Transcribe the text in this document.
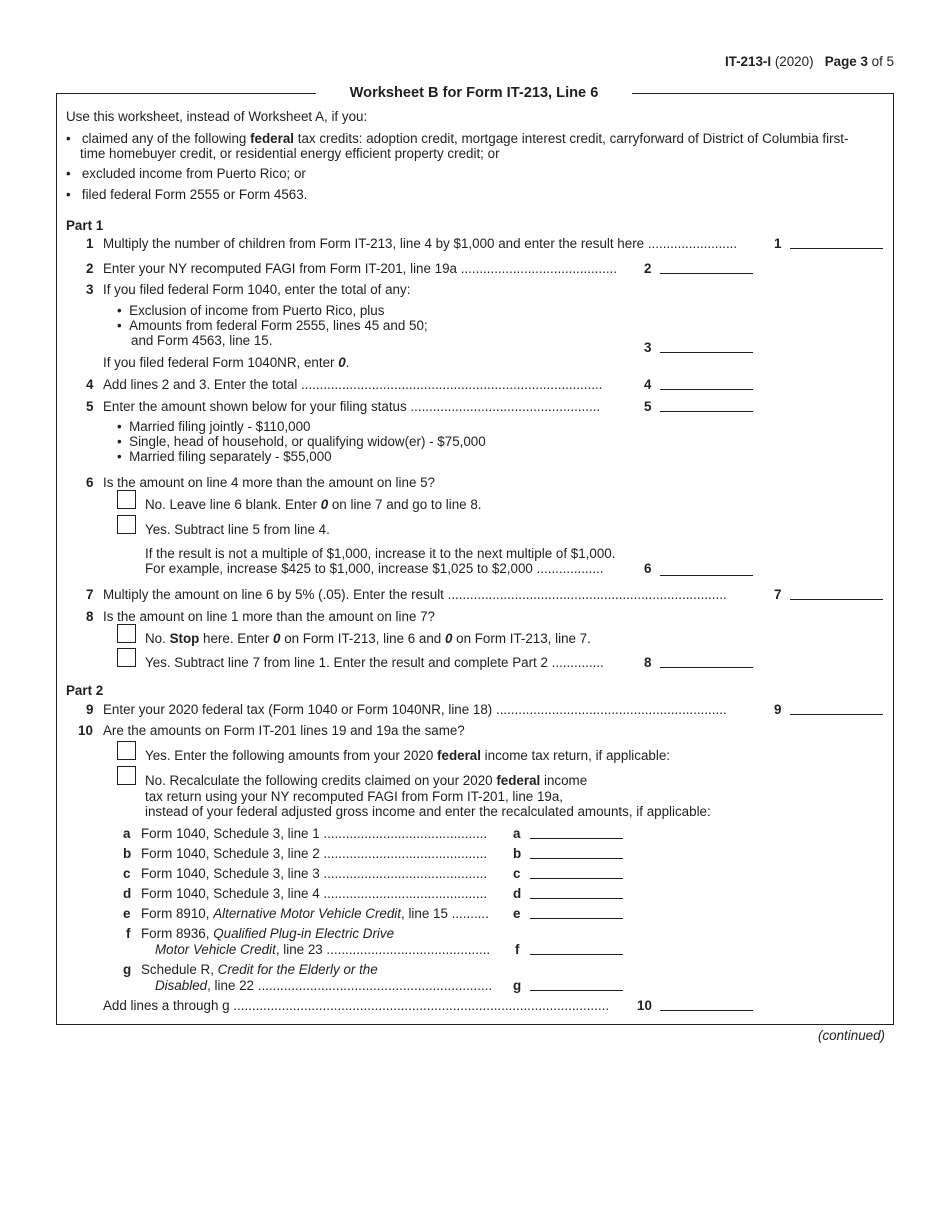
IT-213-I (2020) Page 3 of 5
Worksheet B for Form IT-213, Line 6
Use this worksheet, instead of Worksheet A, if you:
•   claimed any of the following federal tax credits: adoption credit, mortgage interest credit, carryforward of District of Columbia first-
time homebuyer credit, or residential energy efficient property credit; or
•   excluded income from Puerto Rico; or
•   filed federal Form 2555 or Form 4563.
Part 1
1 Multiply the number of children from Form IT-213, line 4 by $1,000 and enter the result here ........................	1
2 Enter your NY recomputed FAGI from Form IT-201, line 19a .......................................... 2
3 If you filed federal Form 1040, enter the total of any:
•  Exclusion of income from Puerto Rico, plus
•  Amounts from federal Form 2555, lines 45 and 50;
and Form 4563, line 15.	3
If you filed federal Form 1040NR, enter 0.
4 Add lines 2 and 3. Enter the total .................................................................................	4
5 Enter the amount shown below for your filing status ...................................................	5
•  Married filing jointly - $110,000
•  Single, head of household, or qualifying widow(er) - $75,000
•  Married filing separately - $55,000
6 Is the amount on line 4 more than the amount on line 5?
No. Leave line 6 blank. Enter 0 on line 7 and go to line 8.
Yes. Subtract line 5 from line 4.
If the result is not a multiple of $1,000, increase it to the next multiple of $1,000.
For example, increase $425 to $1,000, increase $1,025 to $2,000 ..................	6
7 Multiply the amount on line 6 by 5% (.05). Enter the result ...........................................................................	7
8 Is the amount on line 1 more than the amount on line 7?
No. Stop here. Enter 0 on Form IT-213, line 6 and 0 on Form IT-213, line 7.
Yes. Subtract line 7 from line 1. Enter the result and complete Part 2 ..............	8
Part 2
9 Enter your 2020 federal tax (Form 1040 or Form 1040NR, line 18) ..............................................................	9
10 Are the amounts on Form IT-201 lines 19 and 19a the same?
Yes. Enter the following amounts from your 2020 federal income tax return, if applicable:
No. Recalculate the following credits claimed on your 2020 federal income
tax return using your NY recomputed FAGI from Form IT-201, line 19a,
instead of your federal adjusted gross income and enter the recalculated amounts, if applicable:
a Form 1040, Schedule 3, line 1 ............................................ a
b Form 1040, Schedule 3, line 2 ............................................ b
c Form 1040, Schedule 3, line 3 ............................................ c
d Form 1040, Schedule 3, line 4 ............................................ d
e Form 8910, Alternative Motor Vehicle Credit, line 15 .......... e
f Form 8936, Qualified Plug-in Electric Drive
Motor Vehicle Credit, line 23 ............................................ f
g Schedule R, Credit for the Elderly or the
Disabled, line 22 ............................................................... g
Add lines a through g ..................................................................................................... 10
(continued)
